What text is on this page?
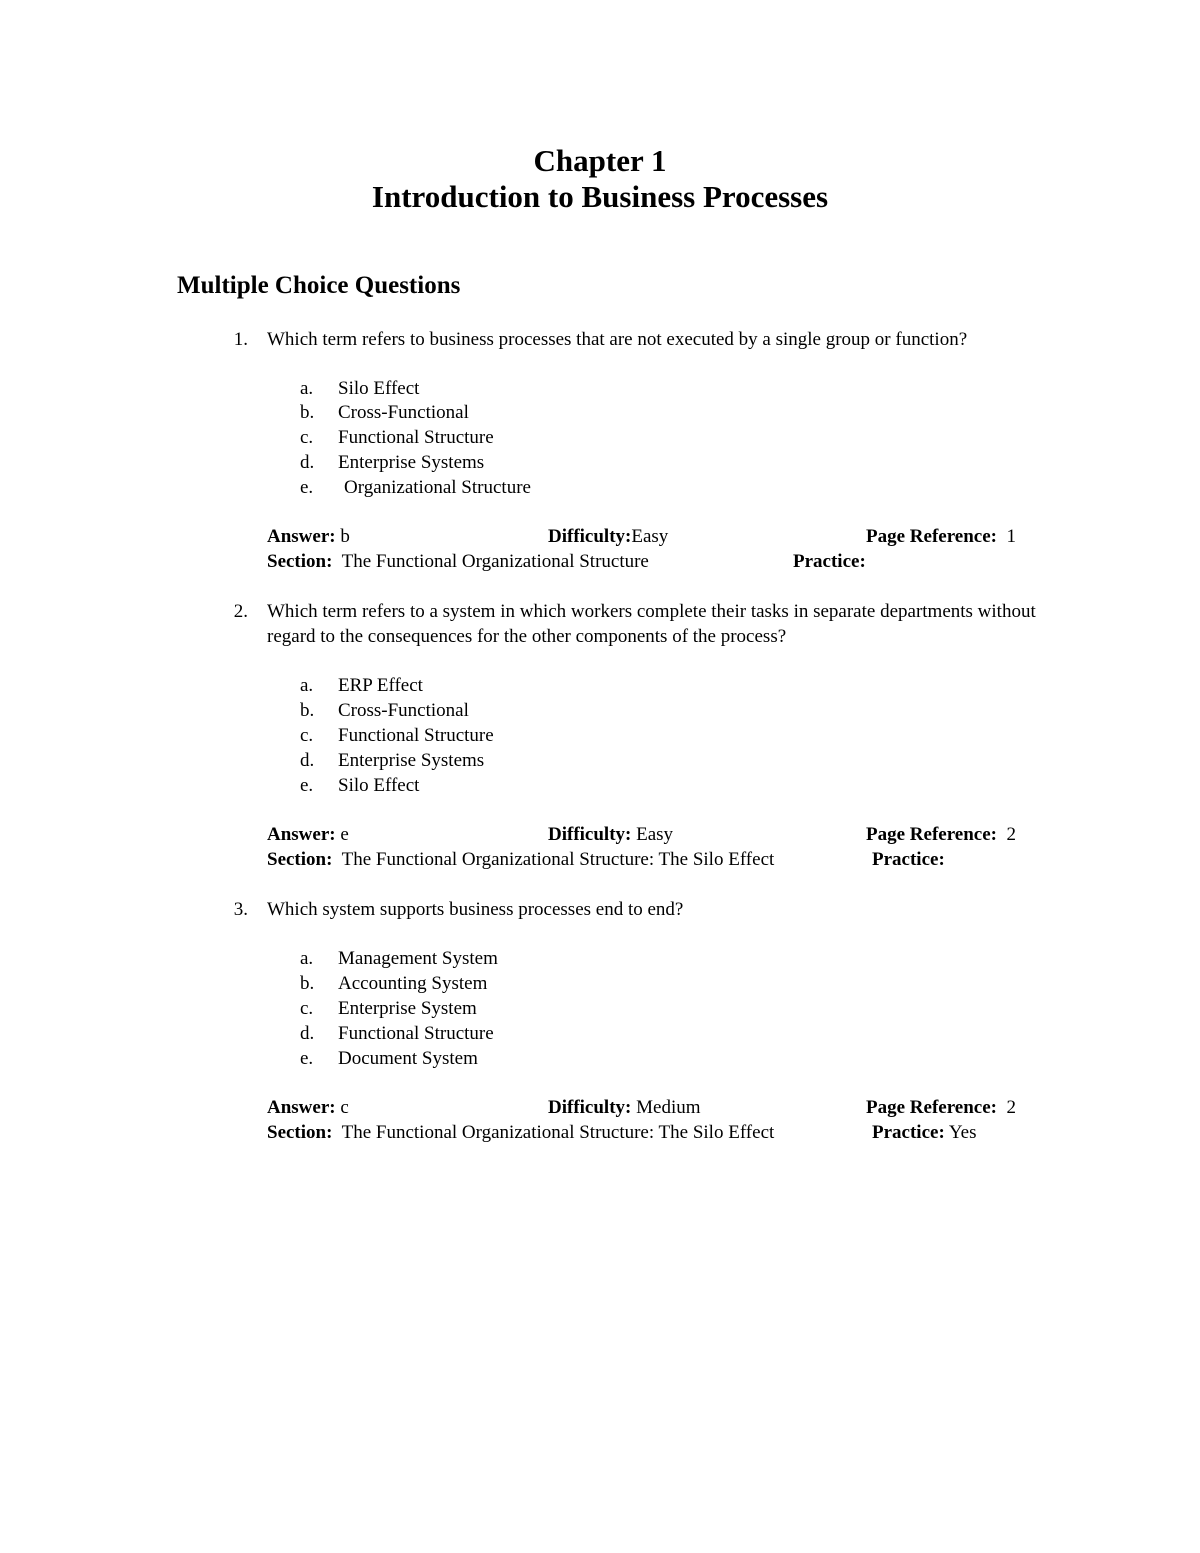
Chapter 1
Introduction to Business Processes
Multiple Choice Questions
1. Which term refers to business processes that are not executed by a single group or function?
a. Silo Effect
b. Cross-Functional
c. Functional Structure
d. Enterprise Systems
e. Organizational Structure
Answer: b	Difficulty:Easy	Page Reference: 1
Section: The Functional Organizational Structure	Practice:
2. Which term refers to a system in which workers complete their tasks in separate departments without regard to the consequences for the other components of the process?
a. ERP Effect
b. Cross-Functional
c. Functional Structure
d. Enterprise Systems
e. Silo Effect
Answer: e	Difficulty: Easy	Page Reference: 2
Section: The Functional Organizational Structure: The Silo Effect	Practice:
3. Which system supports business processes end to end?
a. Management System
b. Accounting System
c. Enterprise System
d. Functional Structure
e. Document System
Answer: c	Difficulty: Medium	Page Reference: 2
Section: The Functional Organizational Structure: The Silo Effect	Practice: Yes
